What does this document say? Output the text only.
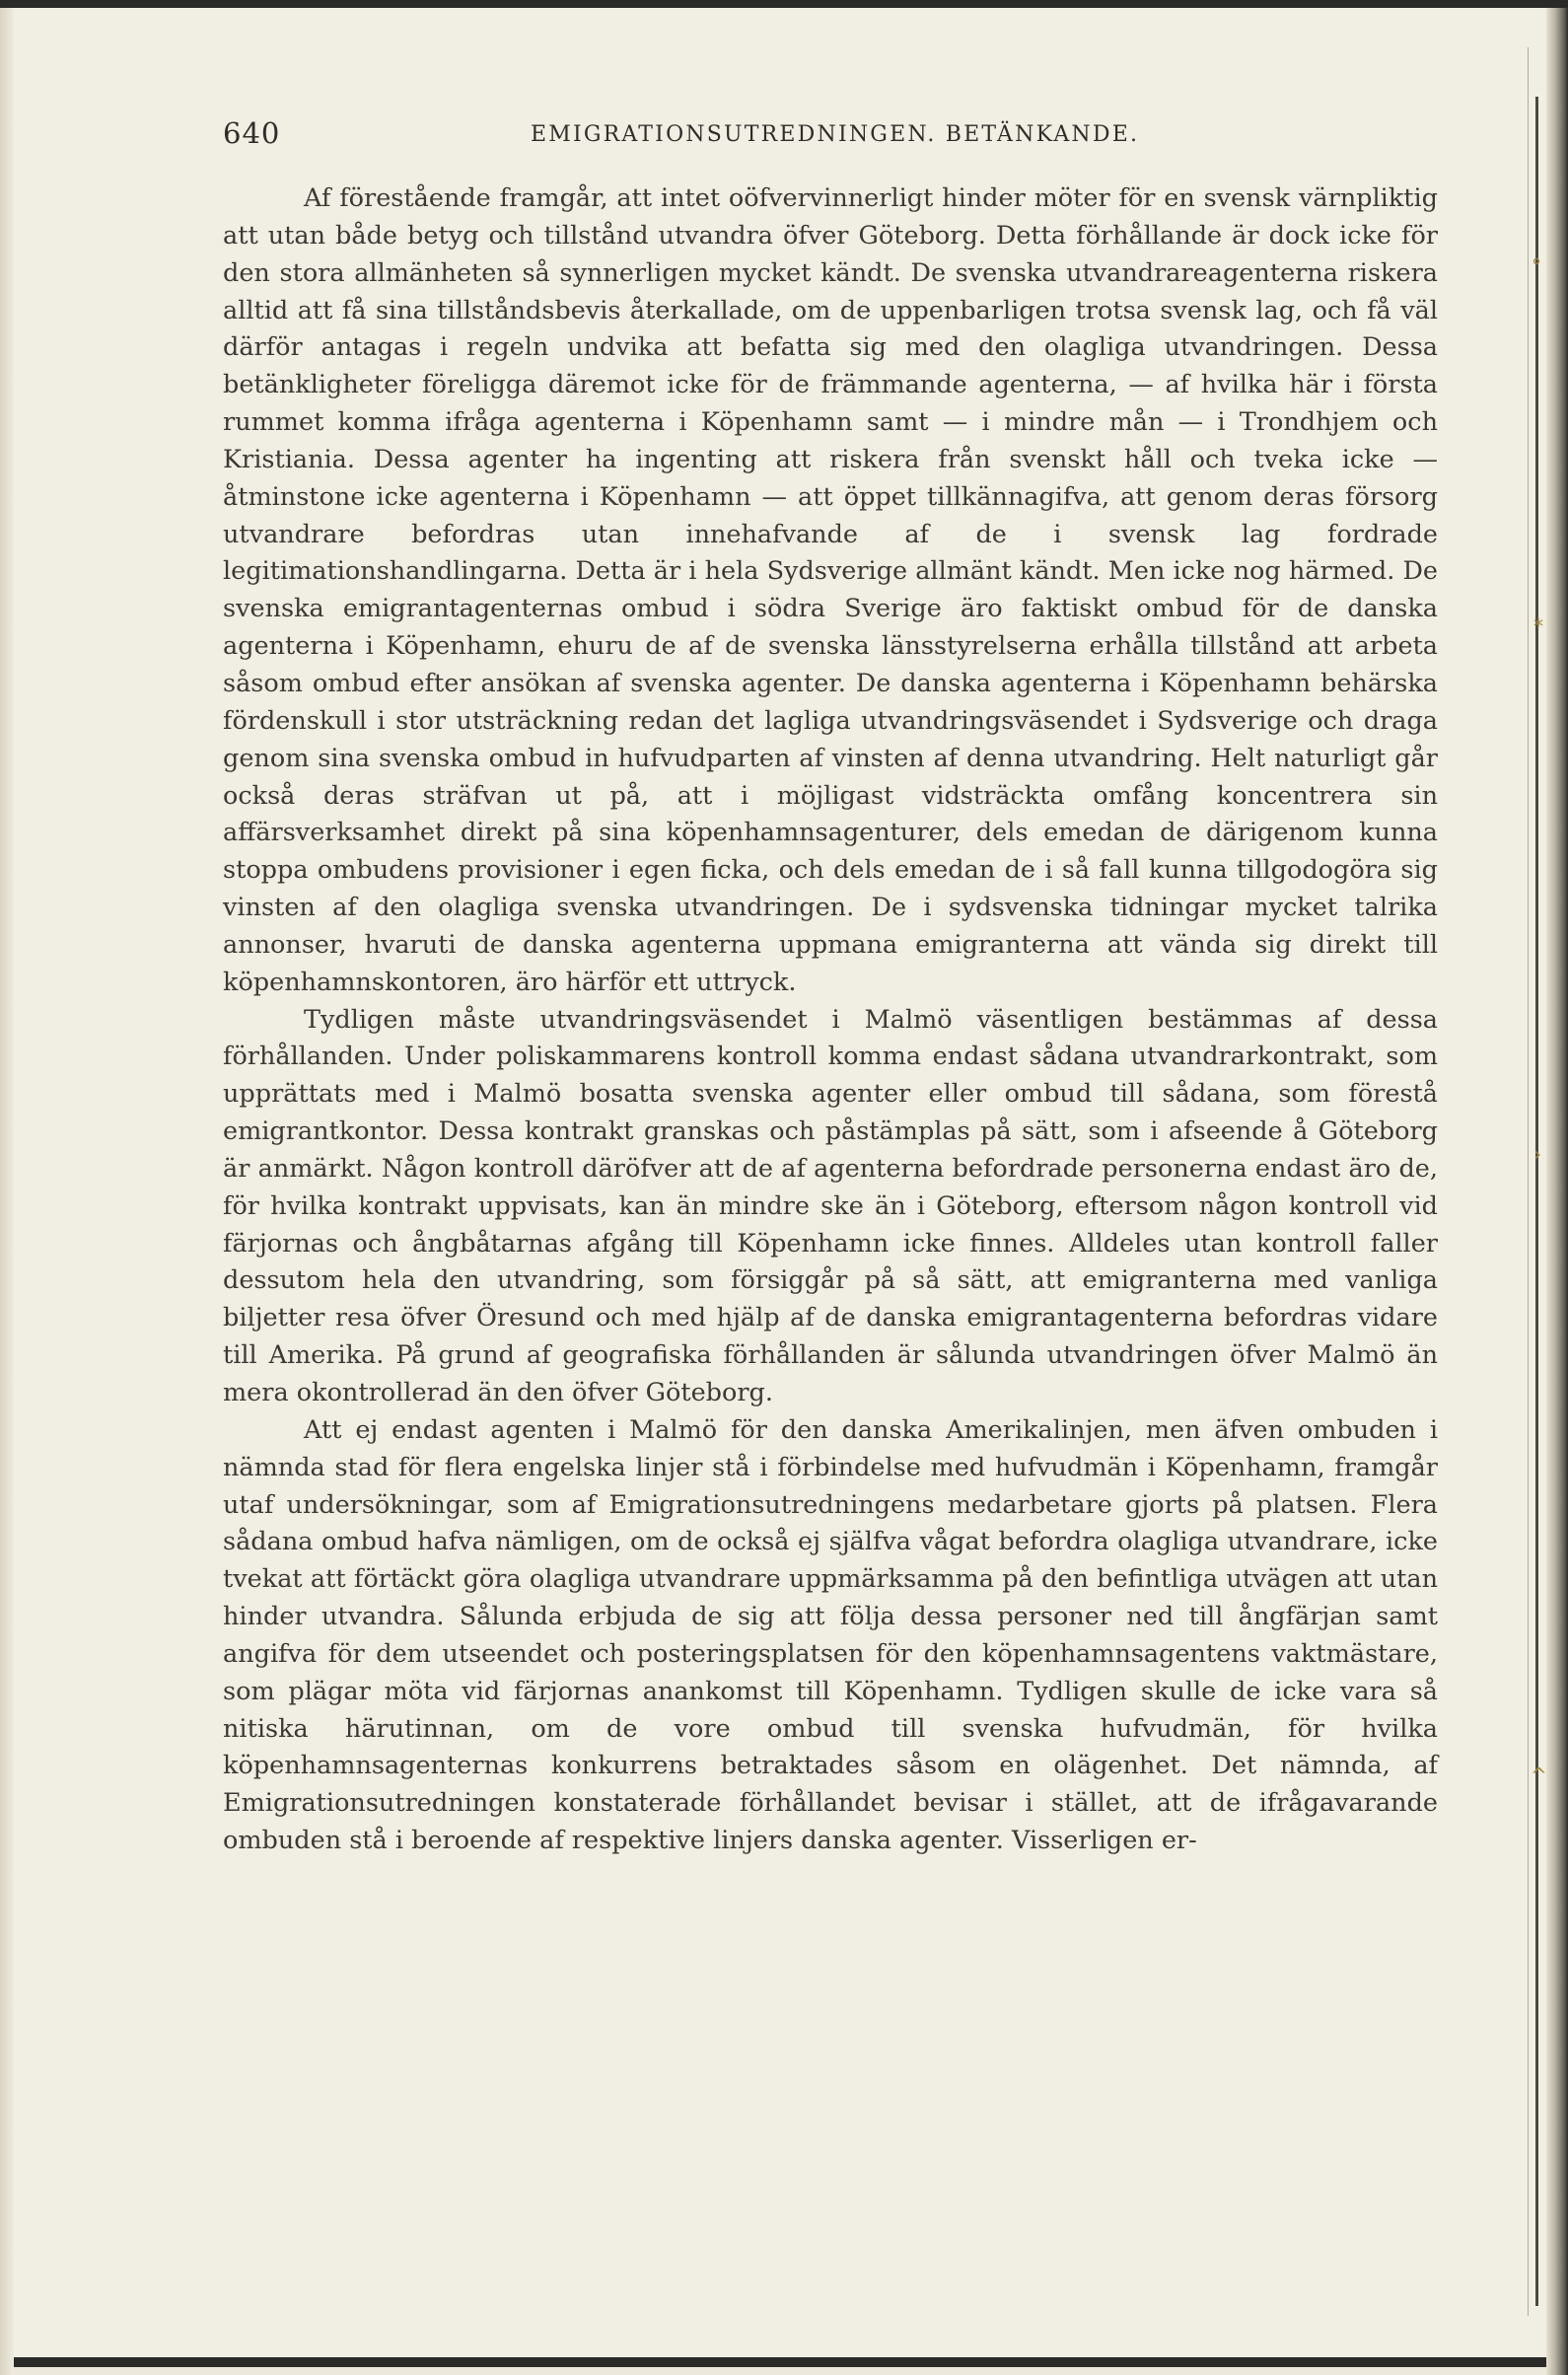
640	EMIGRATIONSUTREDNINGEN. BETÄNKANDE.

Af förestående framgår, att intet oöfvervinnerligt hinder möter för en svensk värnpliktig att utan både betyg och tillstånd utvandra öfver Göteborg. Detta förhållande är dock icke för den stora allmänheten så synnerligen mycket kändt. De svenska utvandrareagenterna riskera alltid att få sina tillståndsbevis återkallade, om de uppenbarligen trotsa svensk lag, och få väl därför antagas i regeln undvika att befatta sig med den olagliga utvandringen. Dessa betänkligheter föreligga däremot icke för de främmande agenterna, — af hvilka här i första rummet komma ifråga agenterna i Köpenhamn samt — i mindre mån — i Trondhjem och Kristiania. Dessa agenter ha ingenting att riskera från svenskt håll och tveka icke — åtminstone icke agenterna i Köpenhamn — att öppet tillkännagifva, att genom deras försorg utvandrare befordras utan innehafvande af de i svensk lag fordrade legitimationshandlingarna. Detta är i hela Sydsverige allmänt kändt. Men icke nog härmed. De svenska emigrantagenternas ombud i södra Sverige äro faktiskt ombud för de danska agenterna i Köpenhamn, ehuru de af de svenska länsstyrelserna erhålla tillstånd att arbeta såsom ombud efter ansökan af svenska agenter. De danska agenterna i Köpenhamn behärska fördenskull i stor utsträckning redan det lagliga utvandringsväsendet i Sydsverige och draga genom sina svenska ombud in hufvudparten af vinsten af denna utvandring. Helt naturligt går också deras sträfvan ut på, att i möjligast vidsträckta omfång koncentrera sin affärsverksamhet direkt på sina köpenhamnsagenturer, dels emedan de därigenom kunna stoppa ombudens provisioner i egen ficka, och dels emedan de i så fall kunna tillgodogöra sig vinsten af den olagliga svenska utvandringen. De i sydsvenska tidningar mycket talrika annonser, hvaruti de danska agenterna uppmana emigranterna att vända sig direkt till köpenhamnskontoren, äro härför ett uttryck.

Tydligen måste utvandringsväsendet i Malmö väsentligen bestämmas af dessa förhållanden. Under poliskammarens kontroll komma endast sådana utvandrarkontrakt, som upprättats med i Malmö bosatta svenska agenter eller ombud till sådana, som förestå emigrantkontor. Dessa kontrakt granskas och påstämplas på sätt, som i afseende å Göteborg är anmärkt. Någon kontroll däröfver att de af agenterna befordrade personerna endast äro de, för hvilka kontrakt uppvisats, kan än mindre ske än i Göteborg, eftersom någon kontroll vid färjornas och ångbåtarnas afgång till Köpenhamn icke finnes. Alldeles utan kontroll faller dessutom hela den utvandring, som försiggår på så sätt, att emigranterna med vanliga biljetter resa öfver Öresund och med hjälp af de danska emigrantagenterna befordras vidare till Amerika. På grund af geografiska förhållanden är sålunda utvandringen öfver Malmö än mera okontrollerad än den öfver Göteborg.

Att ej endast agenten i Malmö för den danska Amerikalinjen, men äfven ombuden i nämnda stad för flera engelska linjer stå i förbindelse med hufvudmän i Köpenhamn, framgår utaf undersökningar, som af Emigrationsutredningens medarbetare gjorts på platsen. Flera sådana ombud hafva nämligen, om de också ej själfva vågat befordra olagliga utvandrare, icke tvekat att förtäckt göra olagliga utvandrare uppmärksamma på den befintliga utvägen att utan hinder utvandra. Sålunda erbjuda de sig att följa dessa personer ned till ångfärjan samt angifva för dem utseendet och posteringsplatsen för den köpenhamnsagentens vaktmästare, som plägar möta vid färjornas anankomst till Köpenhamn. Tydligen skulle de icke vara så nitiska härutinnan, om de vore ombud till svenska hufvudmän, för hvilka köpenhamnsagenternas konkurrens betraktades såsom en olägenhet. Det nämnda, af Emigrationsutredningen konstaterade förhållandet bevisar i stället, att de ifrågavarande ombuden stå i beroende af respektive linjers danska agenter. Visserligen er-

°
*
›
^
